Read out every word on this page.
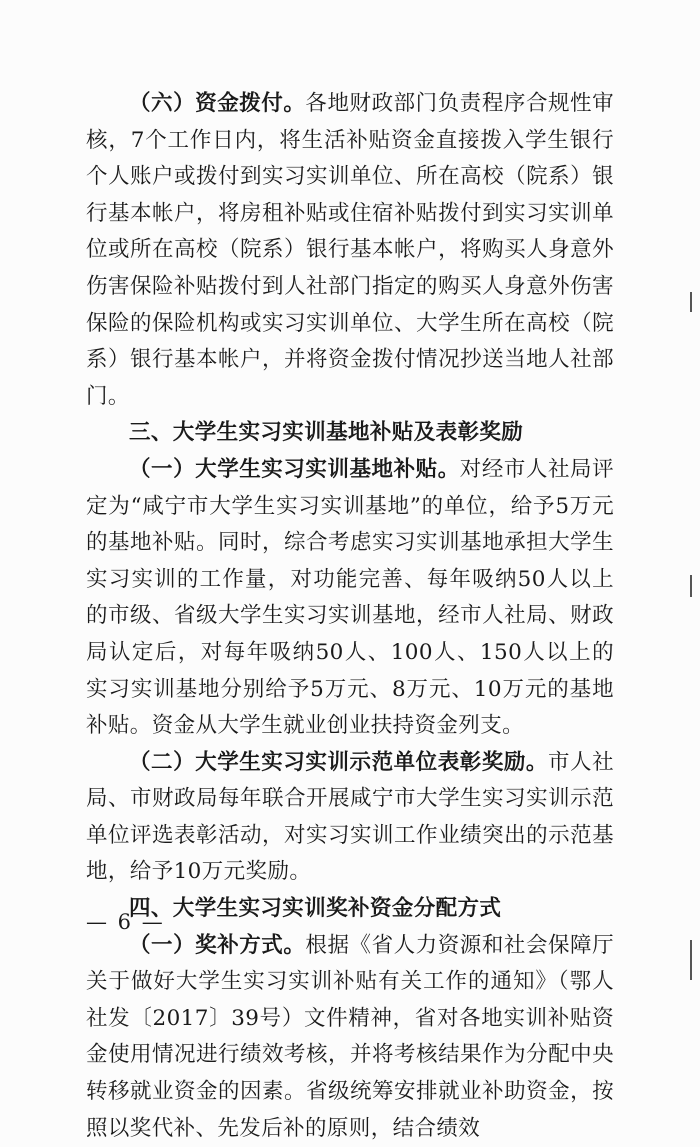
（六）资金拨付。各地财政部门负责程序合规性审核，7个工作日内，将生活补贴资金直接拨入学生银行个人账户或拨付到实习实训单位、所在高校（院系）银行基本帐户，将房租补贴或住宿补贴拨付到实习实训单位或所在高校（院系）银行基本帐户，将购买人身意外伤害保险补贴拨付到人社部门指定的购买人身意外伤害保险的保险机构或实习实训单位、大学生所在高校（院系）银行基本帐户，并将资金拨付情况抄送当地人社部门。

三、大学生实习实训基地补贴及表彰奖励

（一）大学生实习实训基地补贴。对经市人社局评定为“咸宁市大学生实习实训基地”的单位，给予5万元的基地补贴。同时，综合考虑实习实训基地承担大学生实习实训的工作量，对功能完善、每年吸纳50人以上的市级、省级大学生实习实训基地，经市人社局、财政局认定后，对每年吸纳50人、100人、150人以上的实习实训基地分别给予5万元、8万元、10万元的基地补贴。资金从大学生就业创业扶持资金列支。

（二）大学生实习实训示范单位表彰奖励。市人社局、市财政局每年联合开展咸宁市大学生实习实训示范单位评选表彰活动，对实习实训工作业绩突出的示范基地，给予10万元奖励。

四、大学生实习实训奖补资金分配方式

（一）奖补方式。根据《省人力资源和社会保障厅关于做好大学生实习实训补贴有关工作的通知》（鄂人社发〔2017〕39号）文件精神，省对各地实训补贴资金使用情况进行绩效考核，并将考核结果作为分配中央转移就业资金的因素。省级统筹安排就业补助资金，按照以奖代补、先发后补的原则，结合绩效

— 6 —
